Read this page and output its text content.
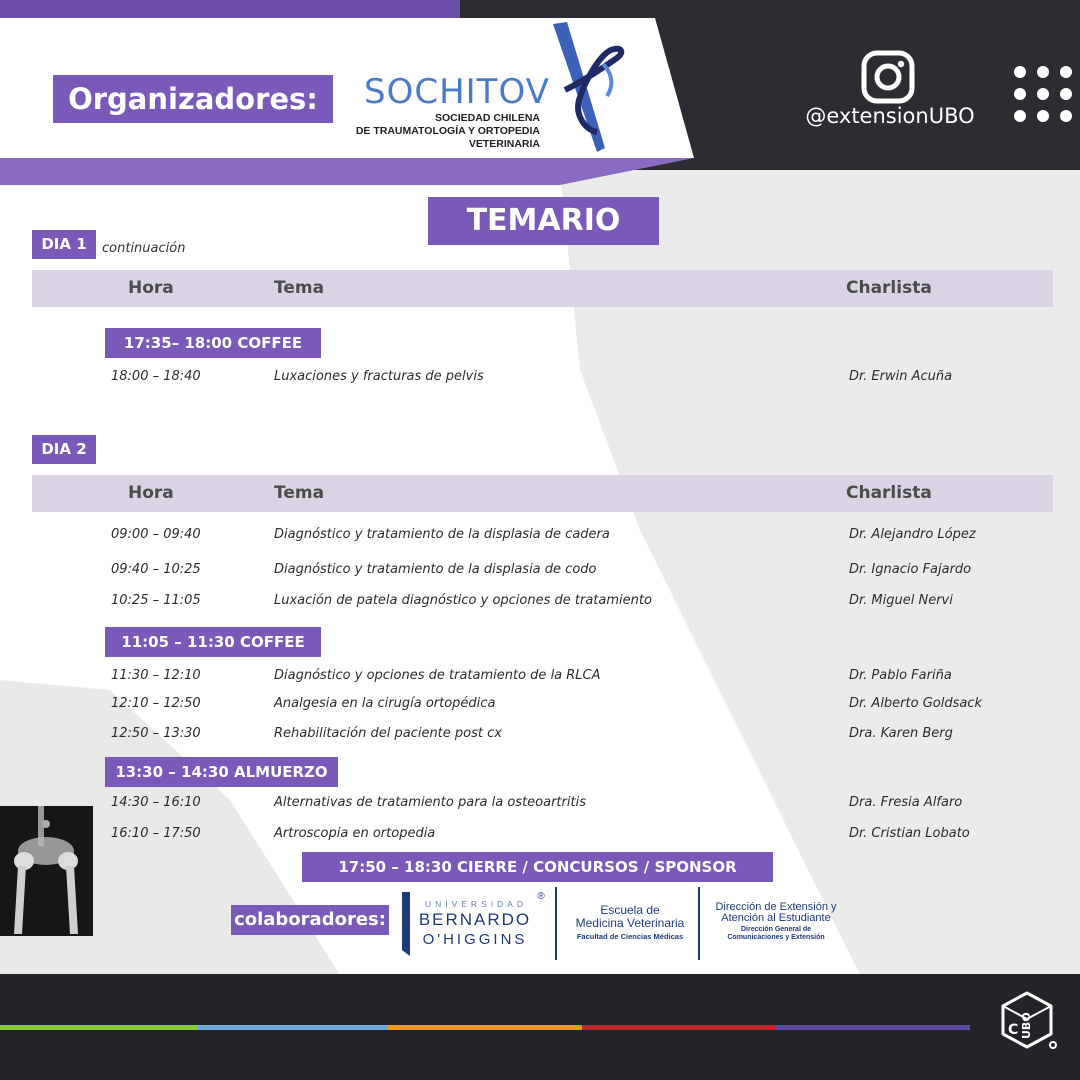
Organizadores:	SOCHITOV
SOCIEDAD CHILENA
DE TRAUMATOLOGÍA Y ORTOPEDIA
VETERINARIA
@extensionUBO
TEMARIO
DIA 1	continuación
Hora	Tema	Charlista
17:35– 18:00 COFFEE
18:00 – 18:40	Luxaciones y fracturas de pelvis	Dr. Erwin Acuña
DIA 2
Hora	Tema	Charlista
09:00 – 09:40	Diagnóstico y tratamiento de la displasia de cadera	Dr. Alejandro López
09:40 – 10:25	Diagnóstico y tratamiento de la displasia de codo	Dr. Ignacio Fajardo
10:25 – 11:05	Luxación de patela diagnóstico y opciones de tratamiento	Dr. Miguel Nervi
11:05 – 11:30 COFFEE
11:30 – 12:10	Diagnóstico y opciones de tratamiento de la RLCA	Dr. Pablo Fariña
12:10 – 12:50	Analgesia en la cirugía ortopédica	Dr. Alberto Goldsack
12:50 – 13:30	Rehabilitación del paciente post cx	Dra. Karen Berg
13:30 – 14:30 ALMUERZO
14:30 – 16:10	Alternativas de tratamiento para la osteoartritis	Dra. Fresia Alfaro
16:10 – 17:50	Artroscopia en ortopedia	Dr. Cristian Lobato
17:50 – 18:30 CIERRE / CONCURSOS / SPONSOR
colaboradores:
UNIVERSIDAD
BERNARDO
O'HIGGINS
®
Escuela de
Medicina Veterinaria
Facultad de Ciencias Médicas
Dirección de Extensión y
Atención al Estudiante
Dirección General de
Comunicaciones y Extensión
C UBO
